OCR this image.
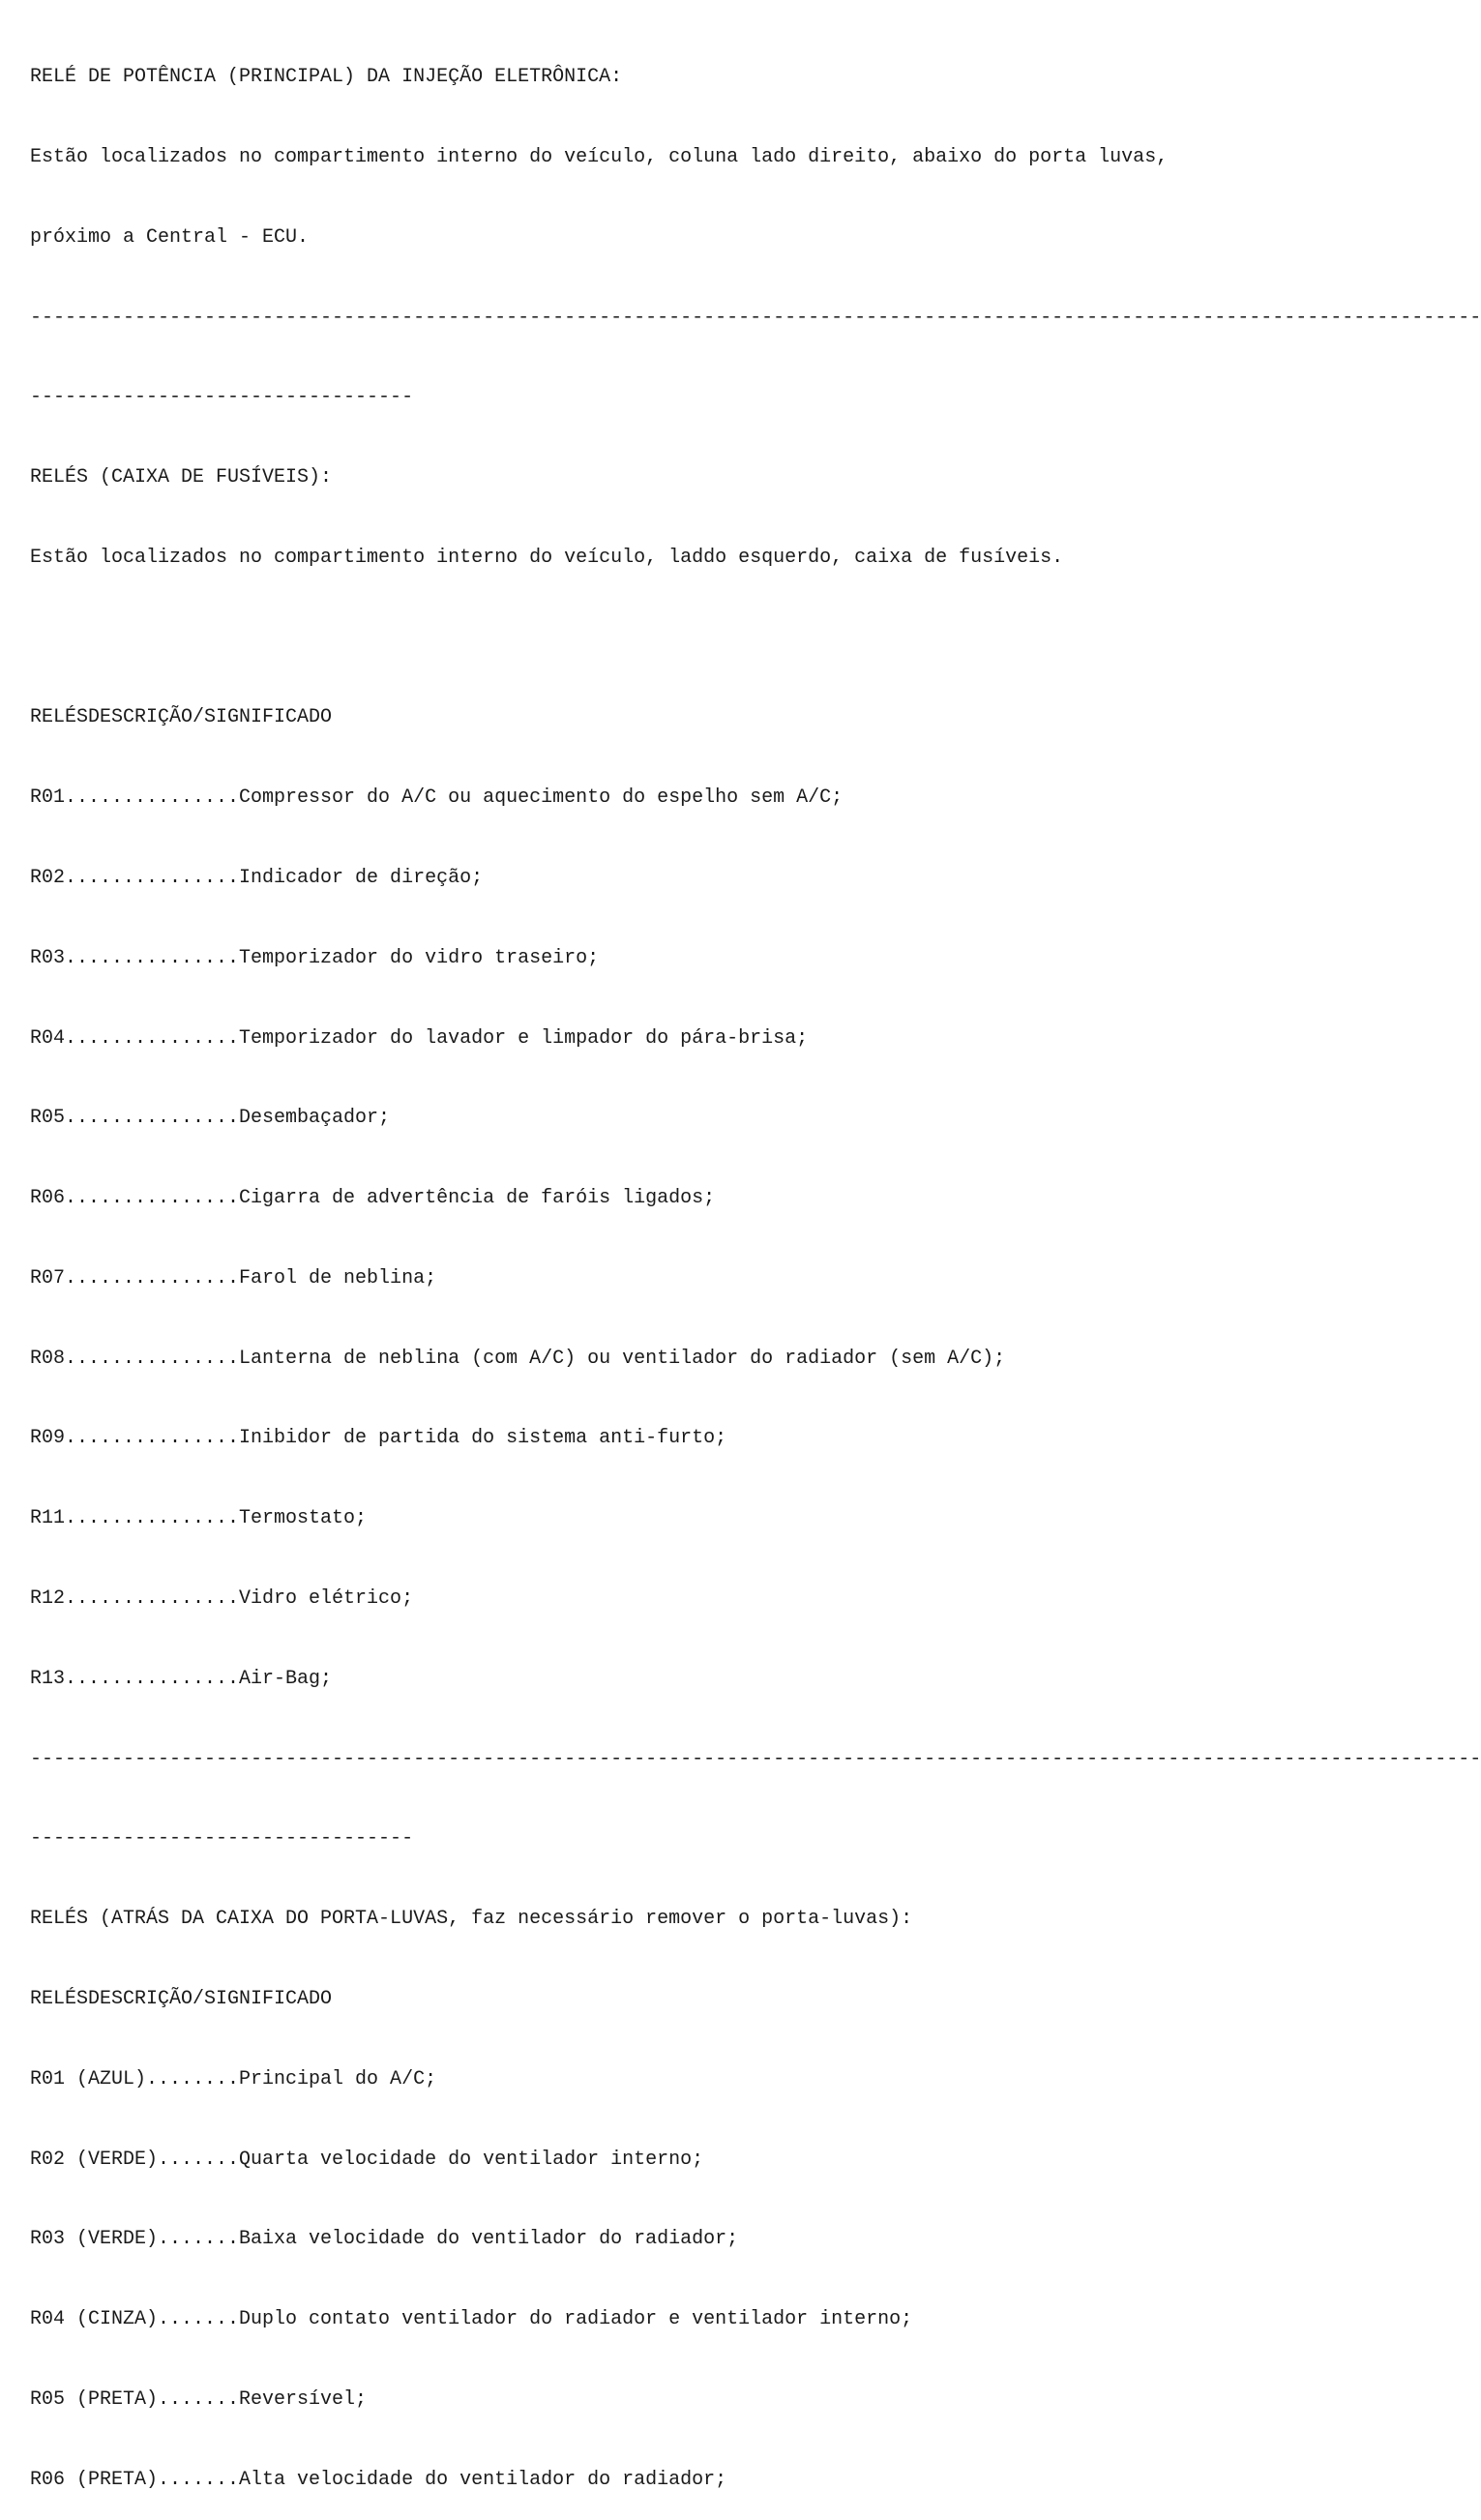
RELÉ DE POTÊNCIA (PRINCIPAL) DA INJEÇÃO ELETRÔNICA:

Estão localizados no compartimento interno do veículo, coluna lado direito, abaixo do porta luvas,

próximo a Central - ECU.

-----------------------------------------------------------------------------------------------------------------------------

---------------------------------

RELÉS (CAIXA DE FUSÍVEIS):

Estão localizados no compartimento interno do veículo, laddo esquerdo, caixa de fusíveis.

RELÉSDESCRIÇÃO/SIGNIFICADO

R01...............Compressor do A/C ou aquecimento do espelho sem A/C;

R02...............Indicador de direção;

R03...............Temporizador do vidro traseiro;

R04...............Temporizador do lavador e limpador do pára-brisa;

R05...............Desembaçador;

R06...............Cigarra de advertência de faróis ligados;

R07...............Farol de neblina;

R08...............Lanterna de neblina (com A/C) ou ventilador do radiador (sem A/C);

R09...............Inibidor de partida do sistema anti-furto;

R11...............Termostato;

R12...............Vidro elétrico;

R13...............Air-Bag;

-----------------------------------------------------------------------------------------------------------------------------

---------------------------------

RELÉS (ATRÁS DA CAIXA DO PORTA-LUVAS, faz necessário remover o porta-luvas):

RELÉSDESCRIÇÃO/SIGNIFICADO

R01 (AZUL)........Principal do A/C;

R02 (VERDE).......Quarta velocidade do ventilador interno;

R03 (VERDE).......Baixa velocidade do ventilador do radiador;

R04 (CINZA).......Duplo contato ventilador do radiador e ventilador interno;

R05 (PRETA).......Reversível;

R06 (PRETA).......Alta velocidade do ventilador do radiador;
